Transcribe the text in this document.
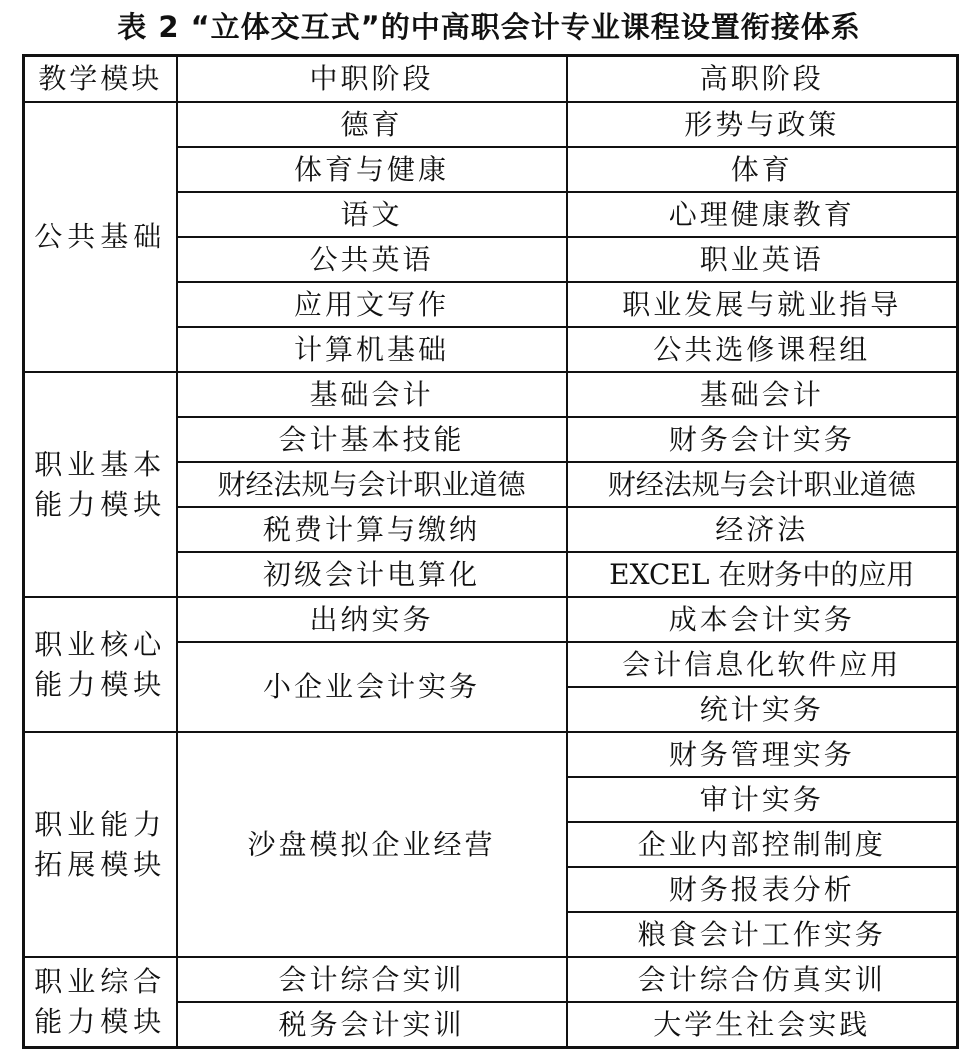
表 2 “立体交互式”的中高职会计专业课程设置衔接体系
教学模块	中职阶段	高职阶段
公共基础	德育	形势与政策
	体育与健康	体育
	语文	心理健康教育
	公共英语	职业英语
	应用文写作	职业发展与就业指导
	计算机基础	公共选修课程组
职业基本能力模块	基础会计	基础会计
	会计基本技能	财务会计实务
	财经法规与会计职业道德	财经法规与会计职业道德
	税费计算与缴纳	经济法
	初级会计电算化	EXCEL 在财务中的应用
职业核心能力模块	出纳实务	成本会计实务
	小企业会计实务	会计信息化软件应用
		统计实务
职业能力拓展模块	沙盘模拟企业经营	财务管理实务
		审计实务
		企业内部控制制度
		财务报表分析
		粮食会计工作实务
职业综合能力模块	会计综合实训	会计综合仿真实训
	税务会计实训	大学生社会实践
